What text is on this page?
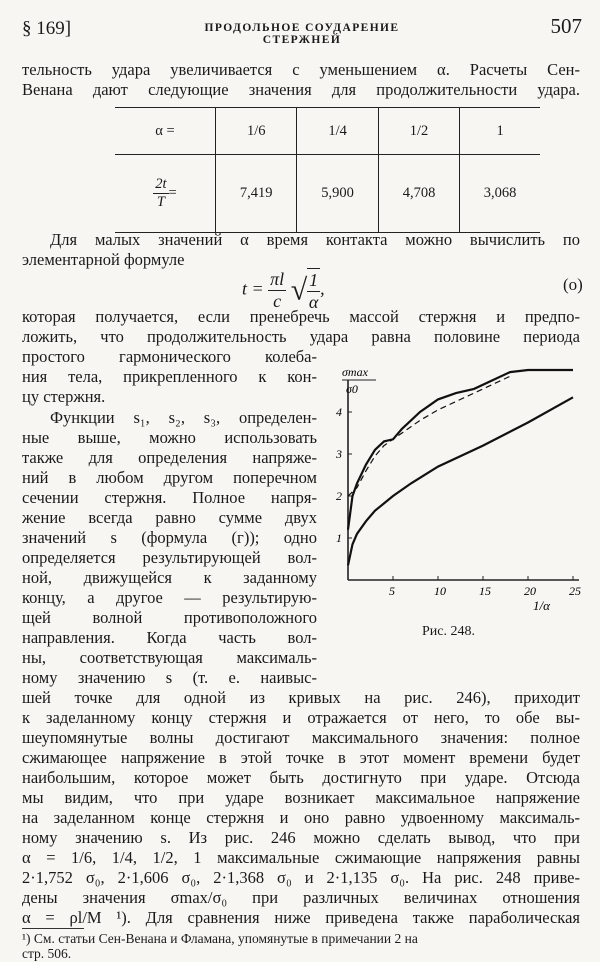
§ 169]	ПРОДОЛЬНОЕ СОУДАРЕНИЕ СТЕРЖНЕЙ
507
тельность удара увеличивается с уменьшением α. Расчеты Сен-
Венана дают следующие значения для продолжительности удара.
α =	1/6	1/4	1/2	1

$\frac{2t}{T}$ =	7,419	5,900	4,708	3,068
Для малых значений α время контакта можно вычислить по
элементарной формуле
$t = \frac{\pi l}{c}$ √ $\frac{1}{\alpha}$ ,	(о)
которая получается, если пренебречь массой стержня и предпо-
ложить, что продолжительность удара равна половине периода
простого гармонического колеба-
ния тела, прикрепленного к кон-
цу стержня.
Функции s₁, s₂, s₃, определен-
ные выше, можно использовать
также для определения напряже-
ний в любом другом поперечном
сечении стержня. Полное напря-
жение всегда равно сумме двух
значений s (формула (г)); одно
определяется результирующей вол-
ной, движущейся к заданному
концу, а другое — результирую-
щей волной противоположного
направления. Когда часть вол-
ны, соответствующая максималь-
ному значению s (т. е. наивыс-
шей точке для одной из кривых на рис. 246), приходит
к заделанному концу стержня и отражается от него, то обе вы-
шеупомянутые волны достигают максимального значения: полное
сжимающее напряжение в этой точке в этот момент времени будет
наибольшим, которое может быть достигнуто при ударе. Отсюда
мы видим, что при ударе возникает максимальное напряжение
на заделанном конце стержня и оно равно удвоенному максималь-
ному значению s. Из рис. 246 можно сделать вывод, что при
α = 1/6, 1/4, 1/2, 1 максимальные сжимающие напряжения равны
2·1,752 σ₀, 2·1,606 σ₀, 2·1,368 σ₀ и 2·1,135 σ₀. На рис. 248 приве-
дены значения σmax/σ₀ при различных величинах отношения
α = ρl/M ¹). Для сравнения ниже приведена также параболическая
¹) См. статьи Сен-Венана и Фламана, упомянутые в примечании 2 на
стр. 506.
5	10	15	20	25
1
2
3
4
σmax
σ0
1/α
Рис. 248.
